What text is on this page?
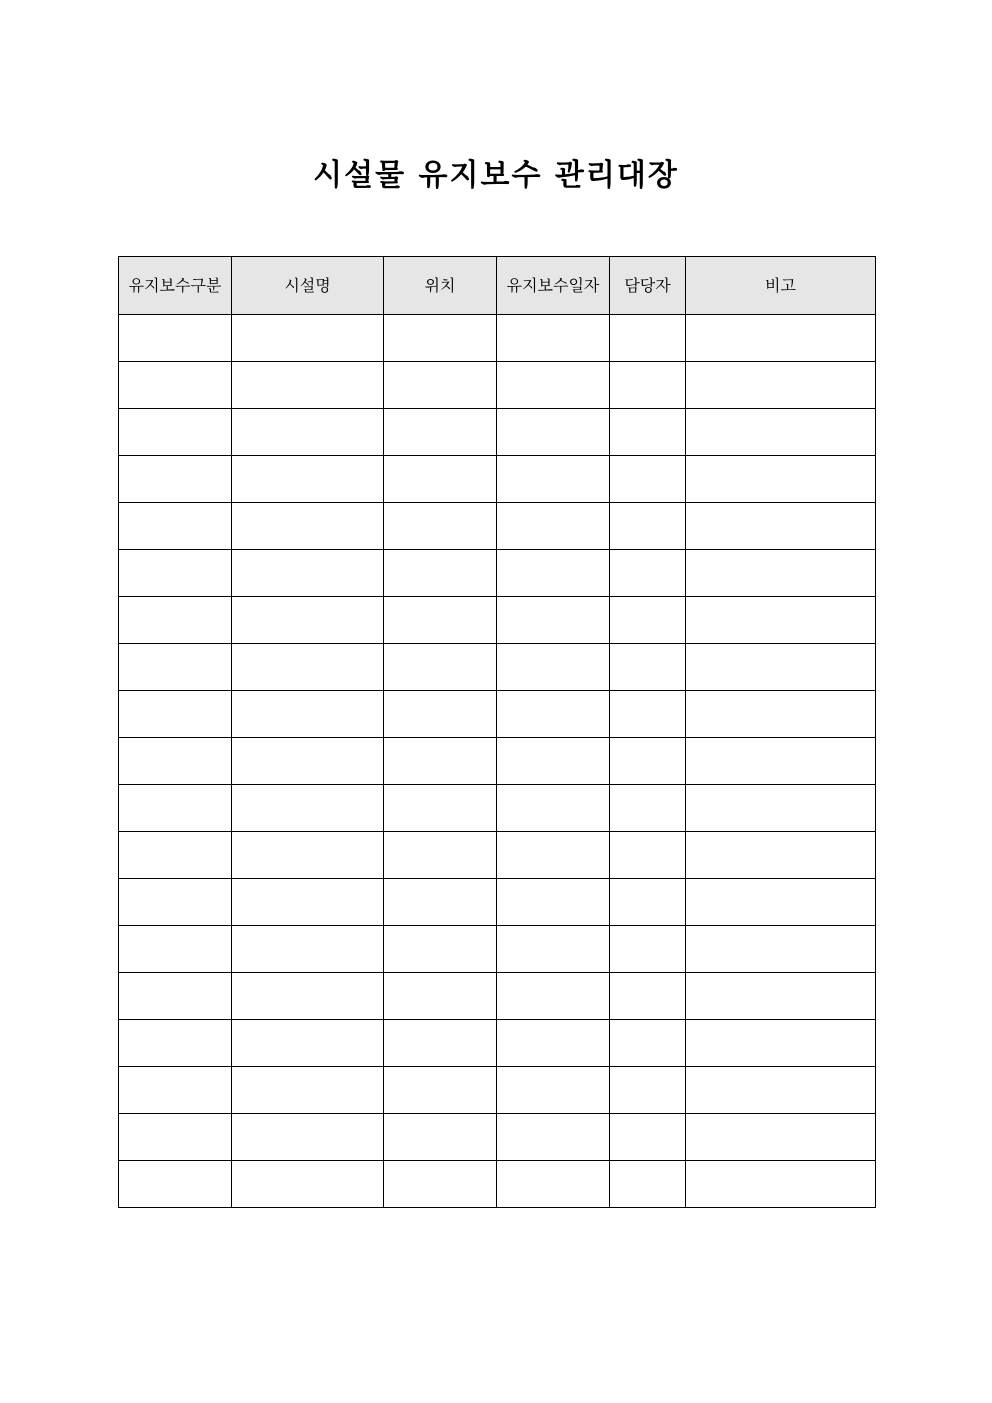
시설물 유지보수 관리대장
유지보수구분	시설명	위치	유지보수일자	담당자	비고
